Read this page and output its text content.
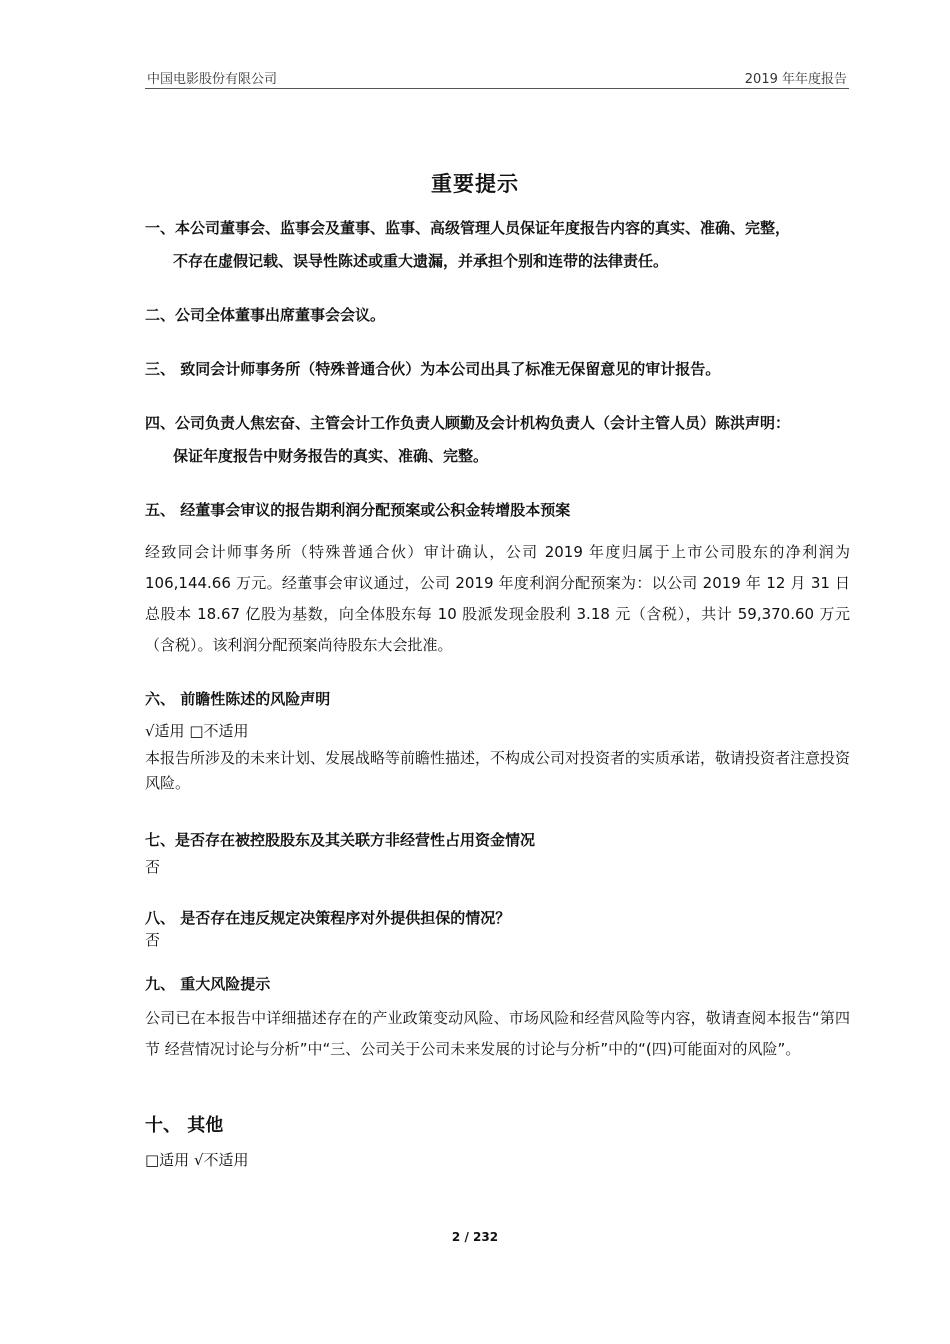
中国电影股份有限公司	2019 年年度报告
重要提示
一、本公司董事会、监事会及董事、监事、高级管理人员保证年度报告内容的真实、准确、完整，
不存在虚假记载、误导性陈述或重大遗漏，并承担个别和连带的法律责任。
二、公司全体董事出席董事会会议。
三、 致同会计师事务所（特殊普通合伙）为本公司出具了标准无保留意见的审计报告。
四、公司负责人焦宏奋、主管会计工作负责人顾勤及会计机构负责人（会计主管人员）陈洪声明：
保证年度报告中财务报告的真实、准确、完整。
五、 经董事会审议的报告期利润分配预案或公积金转增股本预案
经致同会计师事务所（特殊普通合伙）审计确认，公司 2019 年度归属于上市公司股东的净利润为 106,144.66 万元。经董事会审议通过，公司 2019 年度利润分配预案为：以公司 2019 年 12 月 31 日总股本 18.67 亿股为基数，向全体股东每 10 股派发现金股利 3.18 元（含税），共计 59,370.60 万元（含税）。该利润分配预案尚待股东大会批准。
六、 前瞻性陈述的风险声明
√适用 □不适用
本报告所涉及的未来计划、发展战略等前瞻性描述，不构成公司对投资者的实质承诺，敬请投资者注意投资风险。
七、是否存在被控股股东及其关联方非经营性占用资金情况
否
八、 是否存在违反规定决策程序对外提供担保的情况？
否
九、 重大风险提示
公司已在本报告中详细描述存在的产业政策变动风险、市场风险和经营风险等内容，敬请查阅本报告“第四节 经营情况讨论与分析”中“三、公司关于公司未来发展的讨论与分析”中的“(四)可能面对的风险”。
十、 其他
□适用 √不适用
2 / 232
